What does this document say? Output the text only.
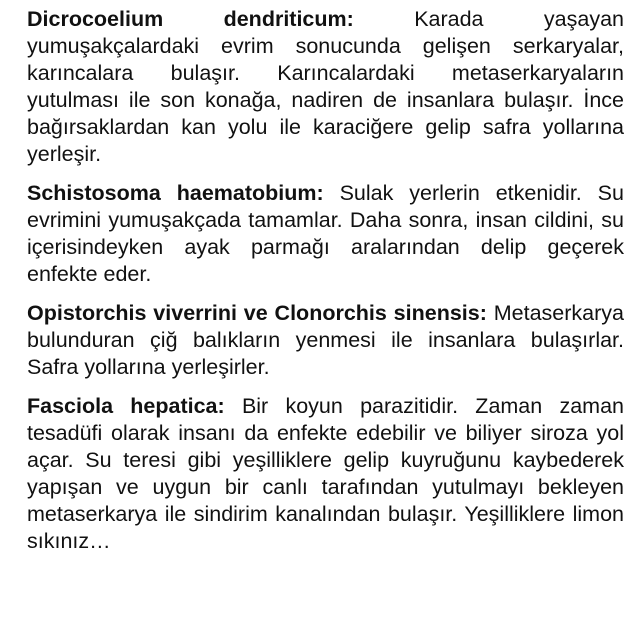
Dicrocoelium dendriticum:	Karada yaşayan yumuşakçalardaki evrim sonucunda gelişen serkaryalar, karıncalara bulaşır. Karıncalardaki metaserkaryaların yutulması ile son konağa, nadiren de insanlara bulaşır. İnce bağırsaklardan kan yolu ile karaciğere gelip safra yollarına yerleşir.

Schistosoma haematobium: Sulak yerlerin etkenidir. Su evrimini yumuşakçada tamamlar. Daha sonra, insan cildini, su içerisindeyken ayak parmağı aralarından delip geçerek enfekte eder.

Opistorchis viverrini ve Clonorchis sinensis: Metaserkarya bulunduran çiğ balıkların yenmesi ile insanlara bulaşırlar. Safra yollarına yerleşirler.

Fasciola hepatica: Bir koyun parazitidir. Zaman zaman tesadüfi olarak insanı da enfekte edebilir ve biliyer siroza yol açar. Su teresi gibi yeşilliklere gelip kuyruğunu kaybederek yapışan ve uygun bir canlı tarafından yutulmayı bekleyen metaserkarya ile sindirim kanalından bulaşır. Yeşilliklere limon sıkınız…
